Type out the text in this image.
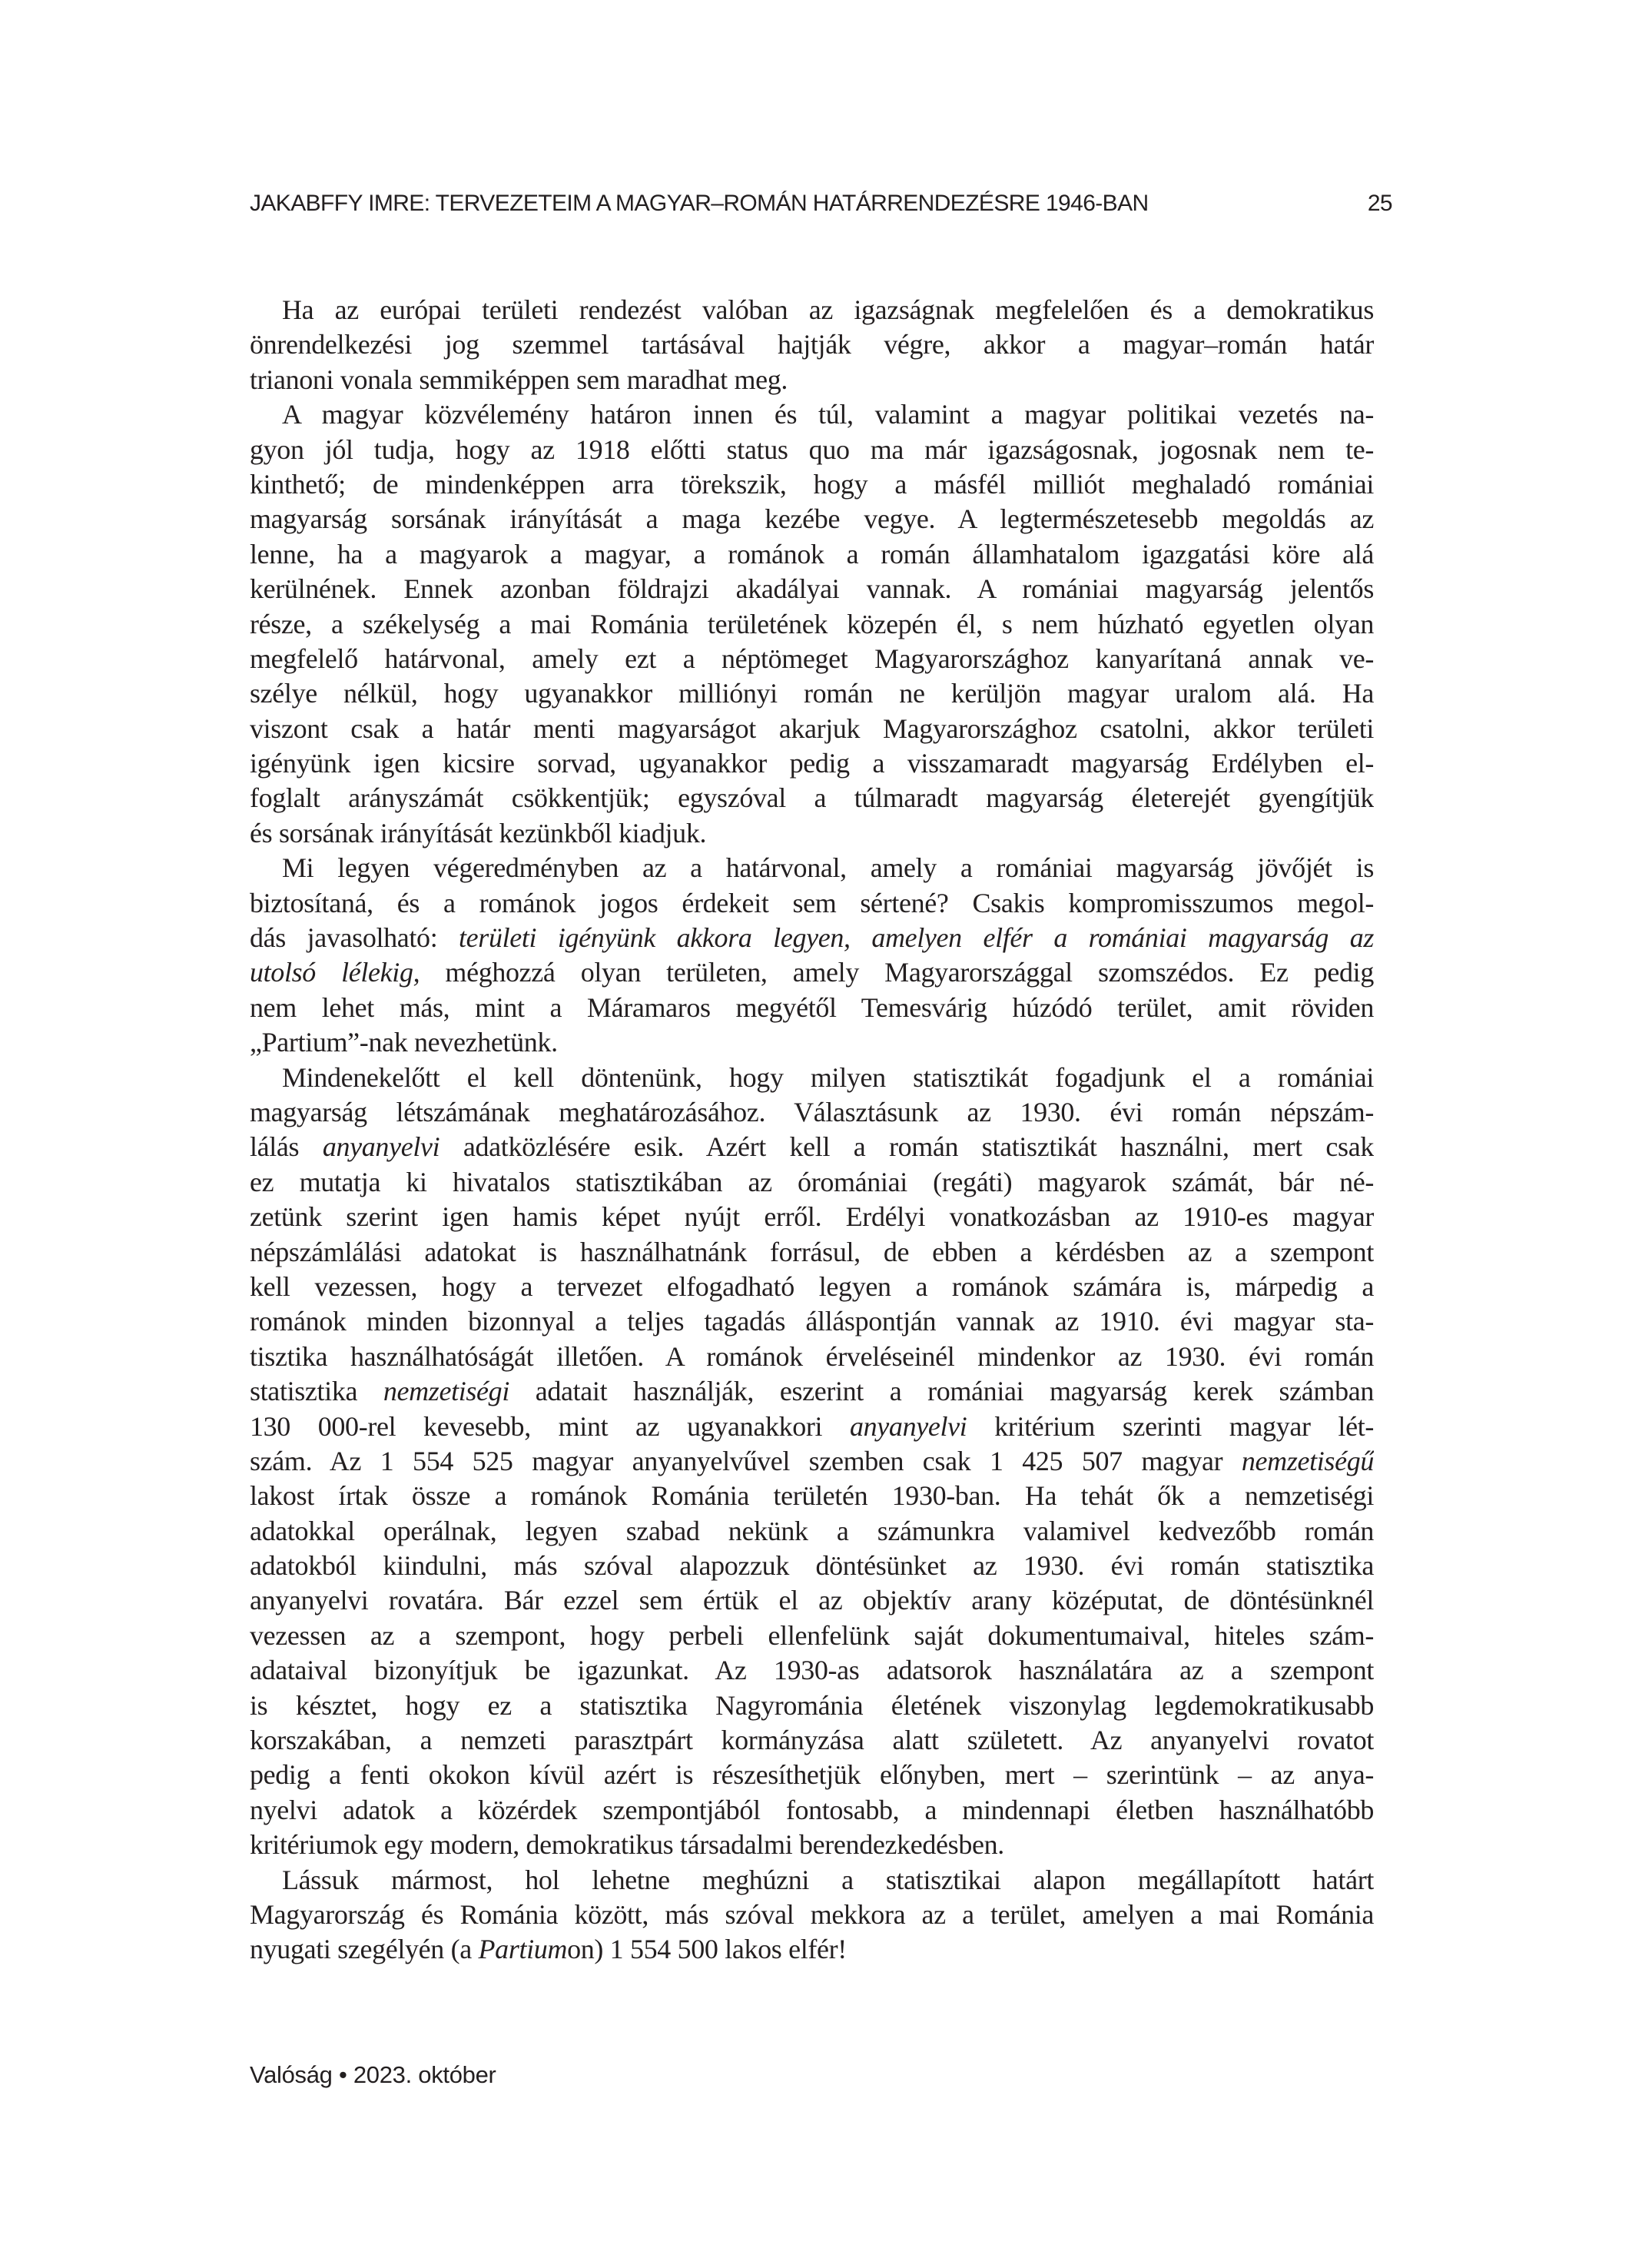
JAKABFFY IMRE: TERVEZETEIM A MAGYAR–ROMÁN HATÁRRENDEZÉSRE 1946-BAN	25
Ha az európai területi rendezést valóban az igazságnak megfelelően és a demokratikus
önrendelkezési jog szemmel tartásával hajtják végre, akkor a magyar–román határ
trianoni vonala semmiképpen sem maradhat meg.
A magyar közvélemény határon innen és túl, valamint a magyar politikai vezetés na-
gyon jól tudja, hogy az 1918 előtti status quo ma már igazságosnak, jogosnak nem te-
kinthető; de mindenképpen arra törekszik, hogy a másfél milliót meghaladó romániai
magyarság sorsának irányítását a maga kezébe vegye. A legtermészetesebb megoldás az
lenne, ha a magyarok a magyar, a románok a román államhatalom igazgatási köre alá
kerülnének. Ennek azonban földrajzi akadályai vannak. A romániai magyarság jelentős
része, a székelység a mai Románia területének közepén él, s nem húzható egyetlen olyan
megfelelő határvonal, amely ezt a néptömeget Magyarországhoz kanyarítaná annak ve-
szélye nélkül, hogy ugyanakkor milliónyi román ne kerüljön magyar uralom alá. Ha
viszont csak a határ menti magyarságot akarjuk Magyarországhoz csatolni, akkor területi
igényünk igen kicsire sorvad, ugyanakkor pedig a visszamaradt magyarság Erdélyben el-
foglalt arányszámát csökkentjük; egyszóval a túlmaradt magyarság életerejét gyengítjük
és sorsának irányítását kezünkből kiadjuk.
Mi legyen végeredményben az a határvonal, amely a romániai magyarság jövőjét is
biztosítaná, és a románok jogos érdekeit sem sértené? Csakis kompromisszumos megol-
dás javasolható: területi igényünk akkora legyen, amelyen elfér a romániai magyarság az
utolsó lélekig, méghozzá olyan területen, amely Magyarországgal szomszédos. Ez pedig
nem lehet más, mint a Máramaros megyétől Temesvárig húzódó terület, amit röviden
„Partium”-nak nevezhetünk.
Mindenekelőtt el kell döntenünk, hogy milyen statisztikát fogadjunk el a romániai
magyarság létszámának meghatározásához. Választásunk az 1930. évi román népszám-
lálás anyanyelvi adatközlésére esik. Azért kell a román statisztikát használni, mert csak
ez mutatja ki hivatalos statisztikában az óromániai (regáti) magyarok számát, bár né-
zetünk szerint igen hamis képet nyújt erről. Erdélyi vonatkozásban az 1910-es magyar
népszámlálási adatokat is használhatnánk forrásul, de ebben a kérdésben az a szempont
kell vezessen, hogy a tervezet elfogadható legyen a románok számára is, márpedig a
románok minden bizonnyal a teljes tagadás álláspontján vannak az 1910. évi magyar sta-
tisztika használhatóságát illetően. A románok érveléseinél mindenkor az 1930. évi román
statisztika nemzetiségi adatait használják, eszerint a romániai magyarság kerek számban
130 000-rel kevesebb, mint az ugyanakkori anyanyelvi kritérium szerinti magyar lét-
szám. Az 1 554 525 magyar anyanyelvűvel szemben csak 1 425 507 magyar nemzetiségű
lakost írtak össze a románok Románia területén 1930-ban. Ha tehát ők a nemzetiségi
adatokkal operálnak, legyen szabad nekünk a számunkra valamivel kedvezőbb román
adatokból kiindulni, más szóval alapozzuk döntésünket az 1930. évi román statisztika
anyanyelvi rovatára. Bár ezzel sem értük el az objektív arany középutat, de döntésünknél
vezessen az a szempont, hogy perbeli ellenfelünk saját dokumentumaival, hiteles szám-
adataival bizonyítjuk be igazunkat. Az 1930-as adatsorok használatára az a szempont
is késztet, hogy ez a statisztika Nagyrománia életének viszonylag legdemokratikusabb
korszakában, a nemzeti parasztpárt kormányzása alatt született. Az anyanyelvi rovatot
pedig a fenti okokon kívül azért is részesíthetjük előnyben, mert – szerintünk – az anya-
nyelvi adatok a közérdek szempontjából fontosabb, a mindennapi életben használhatóbb
kritériumok egy modern, demokratikus társadalmi berendezkedésben.
Lássuk mármost, hol lehetne meghúzni a statisztikai alapon megállapított határt
Magyarország és Románia között, más szóval mekkora az a terület, amelyen a mai Románia
nyugati szegélyén (a Partiumon) 1 554 500 lakos elfér!
Valóság • 2023. október
